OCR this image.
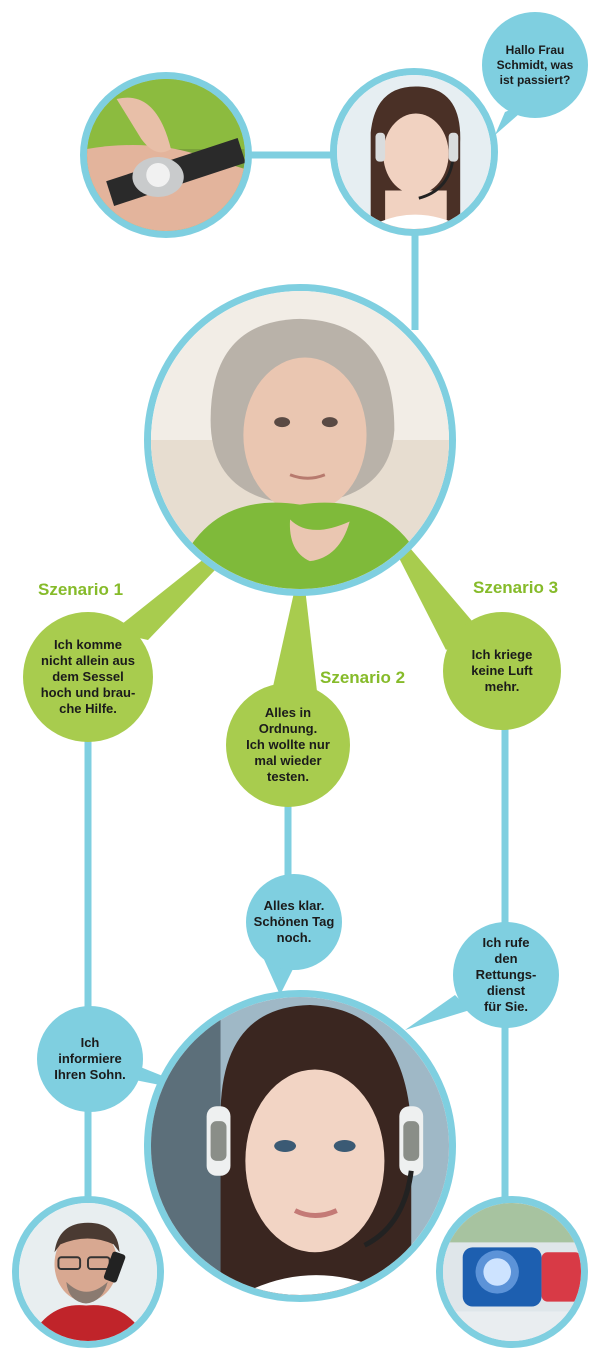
Hallo Frau
Schmidt, was
ist passiert?
Szenario 1
Szenario 2
Szenario 3
Ich komme
nicht allein aus
dem Sessel
hoch und brau-
che Hilfe.	Alles in
Ordnung.
Ich wollte nur
mal wieder
testen.
Ich kriege
keine Luft
mehr.
Ich
informiere
Ihren Sohn.
Alles klar.
Schönen Tag
noch.	Ich rufe
den
Rettungs-
dienst
für Sie.
